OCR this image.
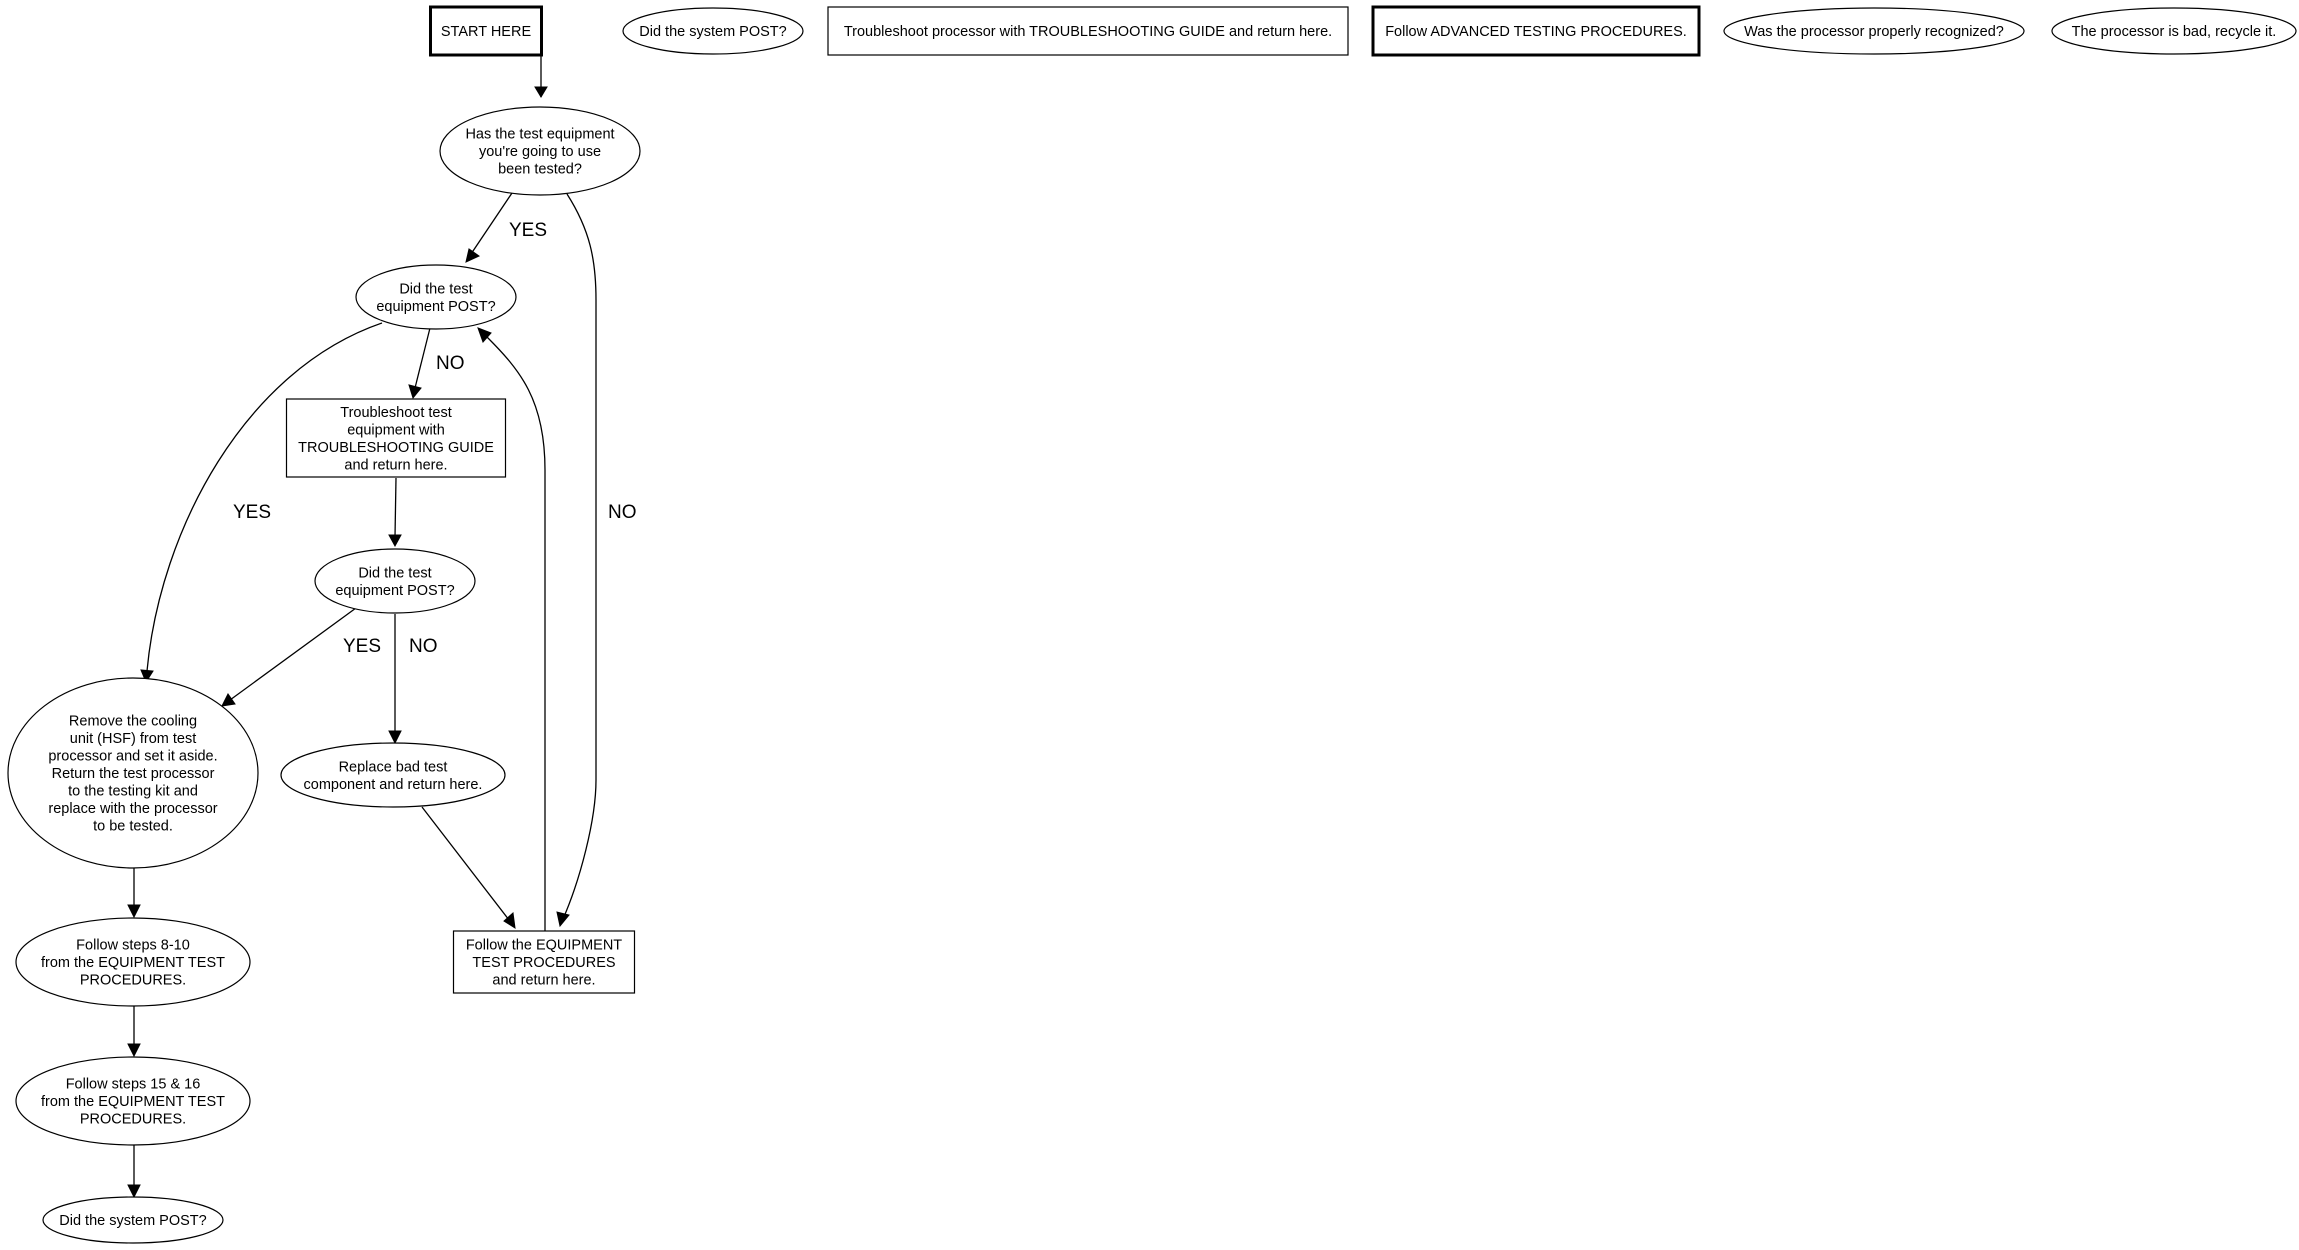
YES
NO
NO
YES
YES NO
START HERE	Did the system POST?	Troubleshoot processor with TROUBLESHOOTING GUIDE and return here.	Follow ADVANCED TESTING PROCEDURES.	Was the processor properly recognized?	The processor is bad, recycle it.
Has the test equipment
you're going to use
been tested?
Did the test
equipment POST?
Troubleshoot test
equipment with
TROUBLESHOOTING GUIDE
and return here.
Did the test
equipment POST?
Remove the cooling
unit (HSF) from test
processor and set it aside.
Return the test processor
to the testing kit and
replace with the processor
to be tested.
Replace bad test
component and return here.
Follow the EQUIPMENT
TEST PROCEDURES
and return here.
Follow steps 8-10
from the EQUIPMENT TEST
PROCEDURES.
Follow steps 15 & 16
from the EQUIPMENT TEST
PROCEDURES.
Did the system POST?
